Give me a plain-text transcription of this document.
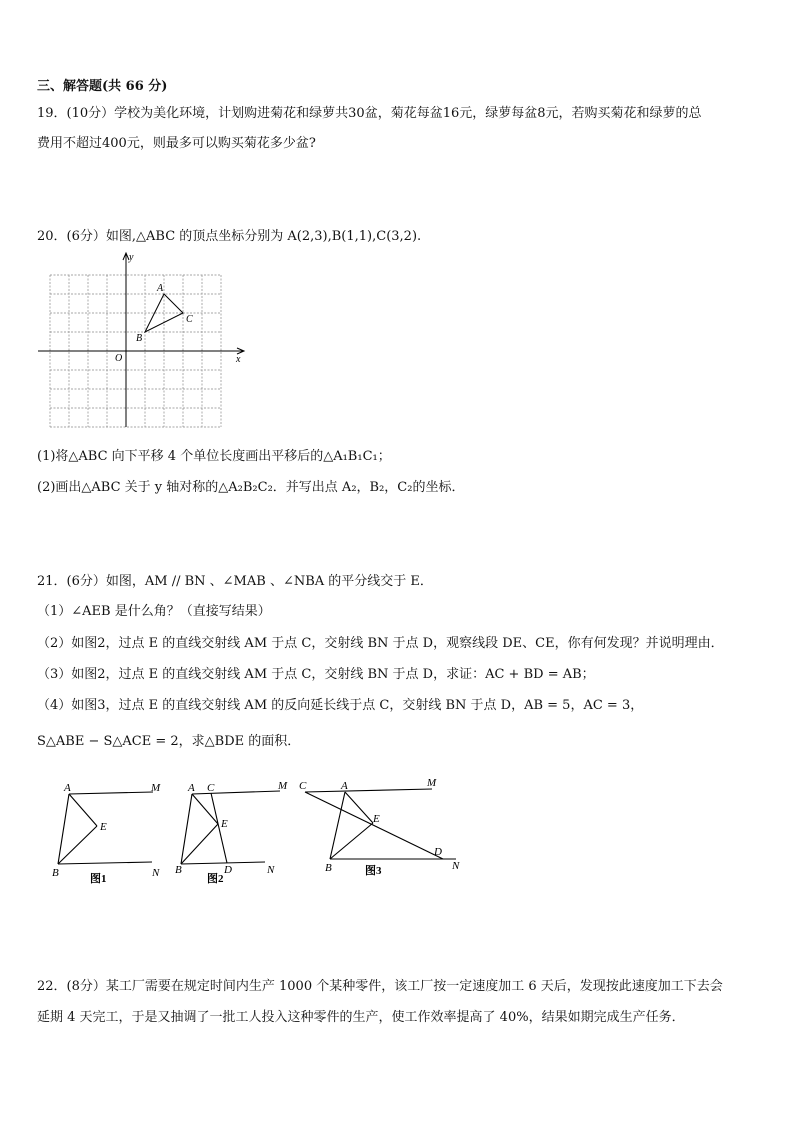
三、解答题(共 66 分)
19．(10分）学校为美化环境，计划购进菊花和绿萝共30盆，菊花每盆16元，绿萝每盆8元，若购买菊花和绿萝的总
费用不超过400元，则最多可以购买菊花多少盆?
20．(6分）如图,△ABC 的顶点坐标分别为 A(2,3),B(1,1),C(3,2).
y
x
O
A
B
C
(1)将△ABC 向下平移 4 个单位长度画出平移后的△A₁B₁C₁；
(2)画出△ABC 关于 y 轴对称的△A₂B₂C₂．并写出点 A₂，B₂，C₂的坐标．
21．(6分）如图，AM // BN 、∠MAB 、∠NBA 的平分线交于 E．
（1）∠AEB 是什么角？（直接写结果）
（2）如图2，过点 E 的直线交射线 AM 于点 C，交射线 BN 于点 D，观察线段 DE、CE，你有何发现？并说明理由．
（3）如图2，过点 E 的直线交射线 AM 于点 C，交射线 BN 于点 D，求证：AC + BD = AB；
（4）如图3，过点 E 的直线交射线 AM 的反向延长线于点 C，交射线 BN 于点 D，AB = 5，AC = 3，
S△ABE − S△ACE = 2，求△BDE 的面积．
A	M
E
B	N
A C	M
E
B	D	N
C	A	M
E
B
D
N
图1	图2
图3
22．(8分）某工厂需要在规定时间内生产 1000 个某种零件，该工厂按一定速度加工 6 天后，发现按此速度加工下去会
延期 4 天完工，于是又抽调了一批工人投入这种零件的生产，使工作效率提高了 40%，结果如期完成生产任务．
